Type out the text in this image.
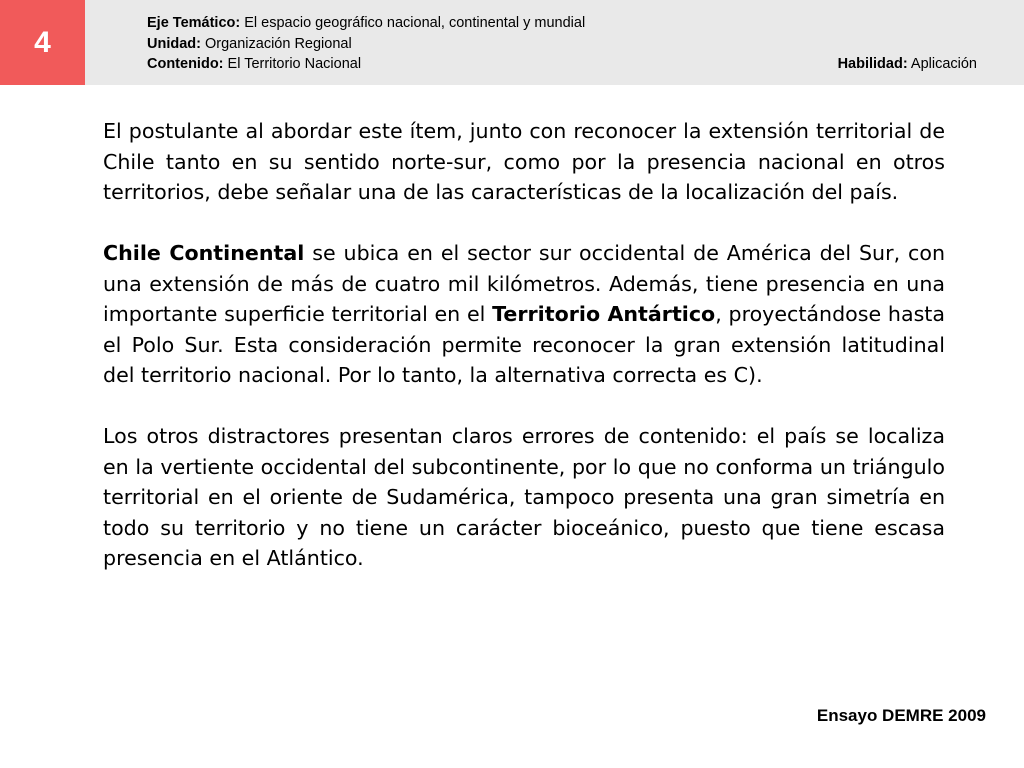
4
Eje Temático: El espacio geográfico nacional, continental y mundial
Unidad: Organización Regional
Contenido: El Territorio Nacional	Habilidad: Aplicación

El postulante al abordar este ítem, junto con reconocer la extensión territorial de Chile tanto en su sentido norte-sur, como por la presencia nacional en otros territorios, debe señalar una de las características de la localización del país.

Chile Continental se ubica en el sector sur occidental de América del Sur, con una extensión de más de cuatro mil kilómetros. Además, tiene presencia en una importante superficie territorial en el Territorio Antártico, proyectándose hasta el Polo Sur. Esta consideración permite reconocer la gran extensión latitudinal del territorio nacional. Por lo tanto, la alternativa correcta es C).

Los otros distractores presentan claros errores de contenido: el país se localiza en la vertiente occidental del subcontinente, por lo que no conforma un triángulo territorial en el oriente de Sudamérica, tampoco presenta una gran simetría en todo su territorio y no tiene un carácter bioceánico, puesto que tiene escasa presencia en el Atlántico.

Ensayo DEMRE 2009
